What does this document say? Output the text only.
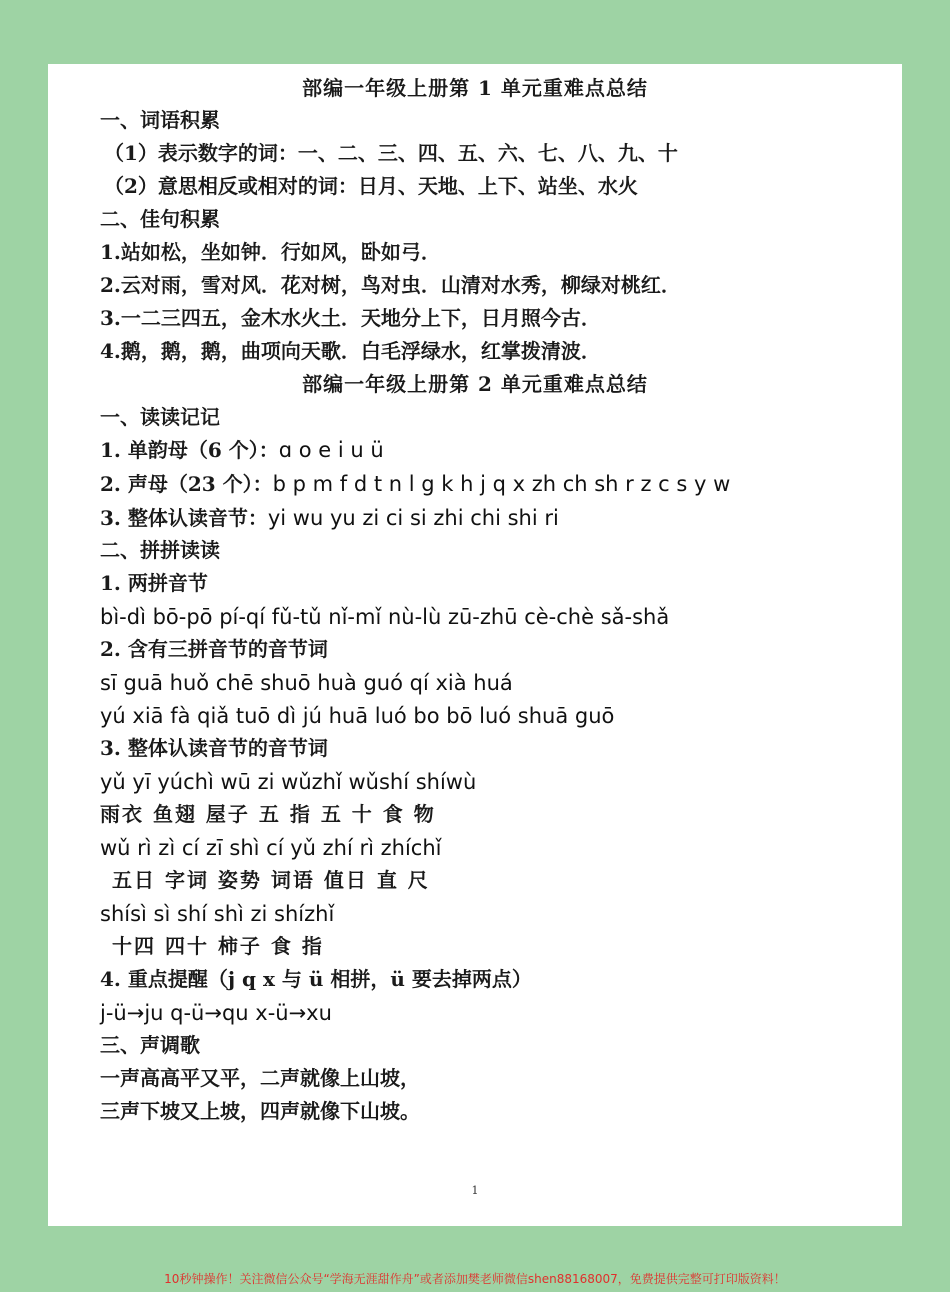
部编一年级上册第 1 单元重难点总结
一、词语积累
（1）表示数字的词：一、二、三、四、五、六、七、八、九、十
（2）意思相反或相对的词：日月、天地、上下、站坐、水火
二、佳句积累
1.站如松，坐如钟．行如风，卧如弓．
2.云对雨，雪对风．花对树，鸟对虫．山清对水秀，柳绿对桃红．
3.一二三四五，金木水火土．天地分上下，日月照今古．
4.鹅，鹅，鹅，曲项向天歌．白毛浮绿水，红掌拨清波．
部编一年级上册第 2 单元重难点总结
一、读读记记
1. 单韵母（6 个）：ɑ o e i u ü
2. 声母（23 个）：b p m f d t n l g k h j q x zh ch sh r z c s y w
3. 整体认读音节：yi wu yu zi ci si zhi chi shi ri
二、拼拼读读
1. 两拼音节
bì-dì bō-pō pí-qí fǔ-tǔ nǐ-mǐ nù-lù zū-zhū cè-chè sǎ-shǎ
2. 含有三拼音节的音节词
sī guā huǒ chē shuō huà guó qí xià huá
yú xiā fà qiǎ tuō dì jú huā luó bo bō luó shuā guō
3. 整体认读音节的音节词
yǔ yī yúchì wū zi wǔzhǐ wǔshí shíwù
雨衣 鱼翅 屋子 五 指 五 十 食 物
wǔ rì zì cí zī shì cí yǔ zhí rì zhíchǐ
五日 字词 姿势 词语 值日 直 尺
shísì sì shí shì zi shízhǐ
十四 四十 柿子 食 指
4. 重点提醒（j q x 与 ü 相拼，ü 要去掉两点）
j-ü→ju q-ü→qu x-ü→xu
三、声调歌
一声高高平又平，二声就像上山坡，
三声下坡又上坡，四声就像下山坡。
1
10秒钟操作！关注微信公众号“学海无涯甜作舟”或者添加樊老师微信shen88168007，免费提供完整可打印版资料！
